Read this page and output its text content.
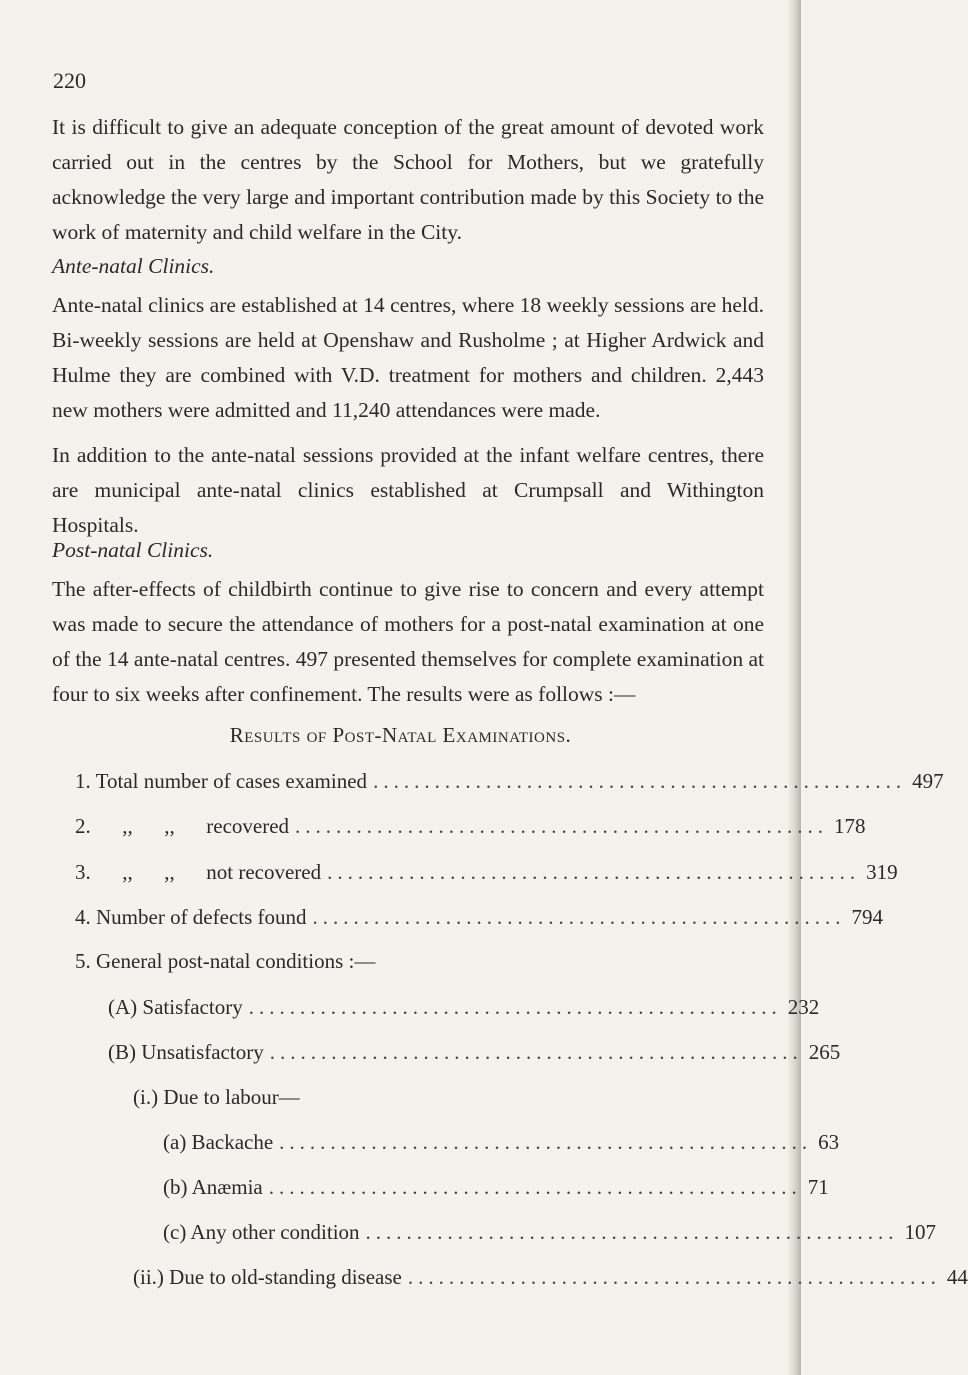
220

It is difficult to give an adequate conception of the great amount of devoted work carried out in the centres by the School for Mothers, but we gratefully acknowledge the very large and important contribution made by this Society to the work of maternity and child welfare in the City.

Ante-natal Clinics.

Ante-natal clinics are established at 14 centres, where 18 weekly sessions are held. Bi-weekly sessions are held at Openshaw and Rusholme ; at Higher Ardwick and Hulme they are combined with V.D. treatment for mothers and children. 2,443 new mothers were admitted and 11,240 attendances were made.

In addition to the ante-natal sessions provided at the infant welfare centres, there are municipal ante-natal clinics established at Crumpsall and Withington Hospitals.

Post-natal Clinics.

The after-effects of childbirth continue to give rise to concern and every attempt was made to secure the attendance of mothers for a post-natal examination at one of the 14 ante-natal centres. 497 presented themselves for complete examination at four to six weeks after confinement. The results were as follows :—

Results of Post-Natal Examinations.
1. Total number of cases examined .................................................... 497
2.      ,,      ,,      recovered .................................................... 178
3.      ,,      ,,      not recovered .................................................... 319
4. Number of defects found .................................................... 794
5. General post-natal conditions :—
(A) Satisfactory .................................................... 232
(B) Unsatisfactory .................................................... 265
(i.) Due to labour—
(a) Backache .................................................... 63
(b) Anæmia .................................................... 71
(c) Any other condition .................................................... 107
(ii.) Due to old-standing disease .................................................... 44
